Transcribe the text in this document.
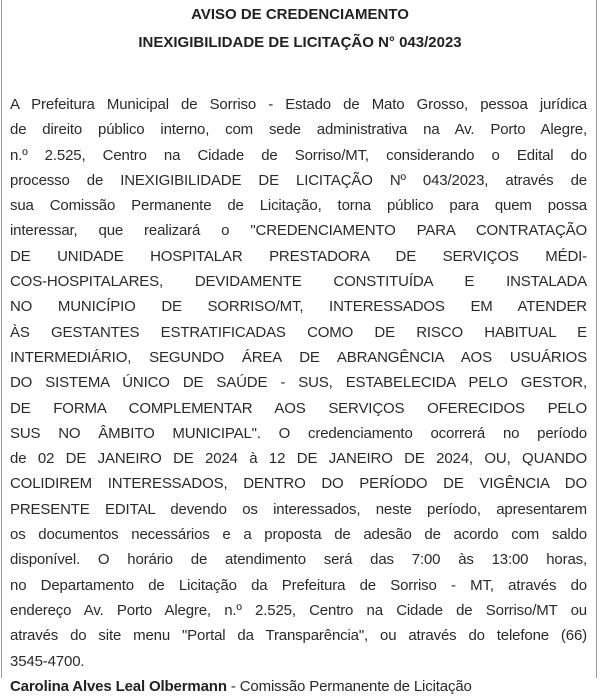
AVISO DE CREDENCIAMENTO
INEXIGIBILIDADE DE LICITAÇÃO N° 043/2023
A Prefeitura Municipal de Sorriso - Estado de Mato Grosso, pessoa jurídica
de direito público interno, com sede administrativa na Av. Porto Alegre,
n.º 2.525, Centro na Cidade de Sorriso/MT, considerando o Edital do
processo de INEXIGIBILIDADE DE LICITAÇÃO Nº 043/2023, através de
sua Comissão Permanente de Licitação, torna público para quem possa
interessar, que realizará o "CREDENCIAMENTO PARA CONTRATAÇÃO
DE UNIDADE HOSPITALAR PRESTADORA DE SERVIÇOS MÉDI-
COS-HOSPITALARES, DEVIDAMENTE CONSTITUÍDA E INSTALADA
NO MUNICÍPIO DE SORRISO/MT, INTERESSADOS EM ATENDER
ÀS GESTANTES ESTRATIFICADAS COMO DE RISCO HABITUAL E
INTERMEDIÁRIO, SEGUNDO ÁREA DE ABRANGÊNCIA AOS USUÁRIOS
DO SISTEMA ÚNICO DE SAÚDE - SUS, ESTABELECIDA PELO GESTOR,
DE FORMA COMPLEMENTAR AOS SERVIÇOS OFERECIDOS PELO
SUS NO ÂMBITO MUNICIPAL". O credenciamento ocorrerá no período
de 02 DE JANEIRO DE 2024 à 12 DE JANEIRO DE 2024, OU, QUANDO
COLIDIREM INTERESSADOS, DENTRO DO PERÍODO DE VIGÊNCIA DO
PRESENTE EDITAL devendo os interessados, neste período, apresentarem
os documentos necessários e a proposta de adesão de acordo com saldo
disponível. O horário de atendimento será das 7:00 às 13:00 horas,
no Departamento de Licitação da Prefeitura de Sorriso - MT, através do
endereço Av. Porto Alegre, n.º 2.525, Centro na Cidade de Sorriso/MT ou
através do site menu "Portal da Transparência", ou através do telefone (66)
3545-4700.
Carolina Alves Leal Olbermann - Comissão Permanente de Licitação
